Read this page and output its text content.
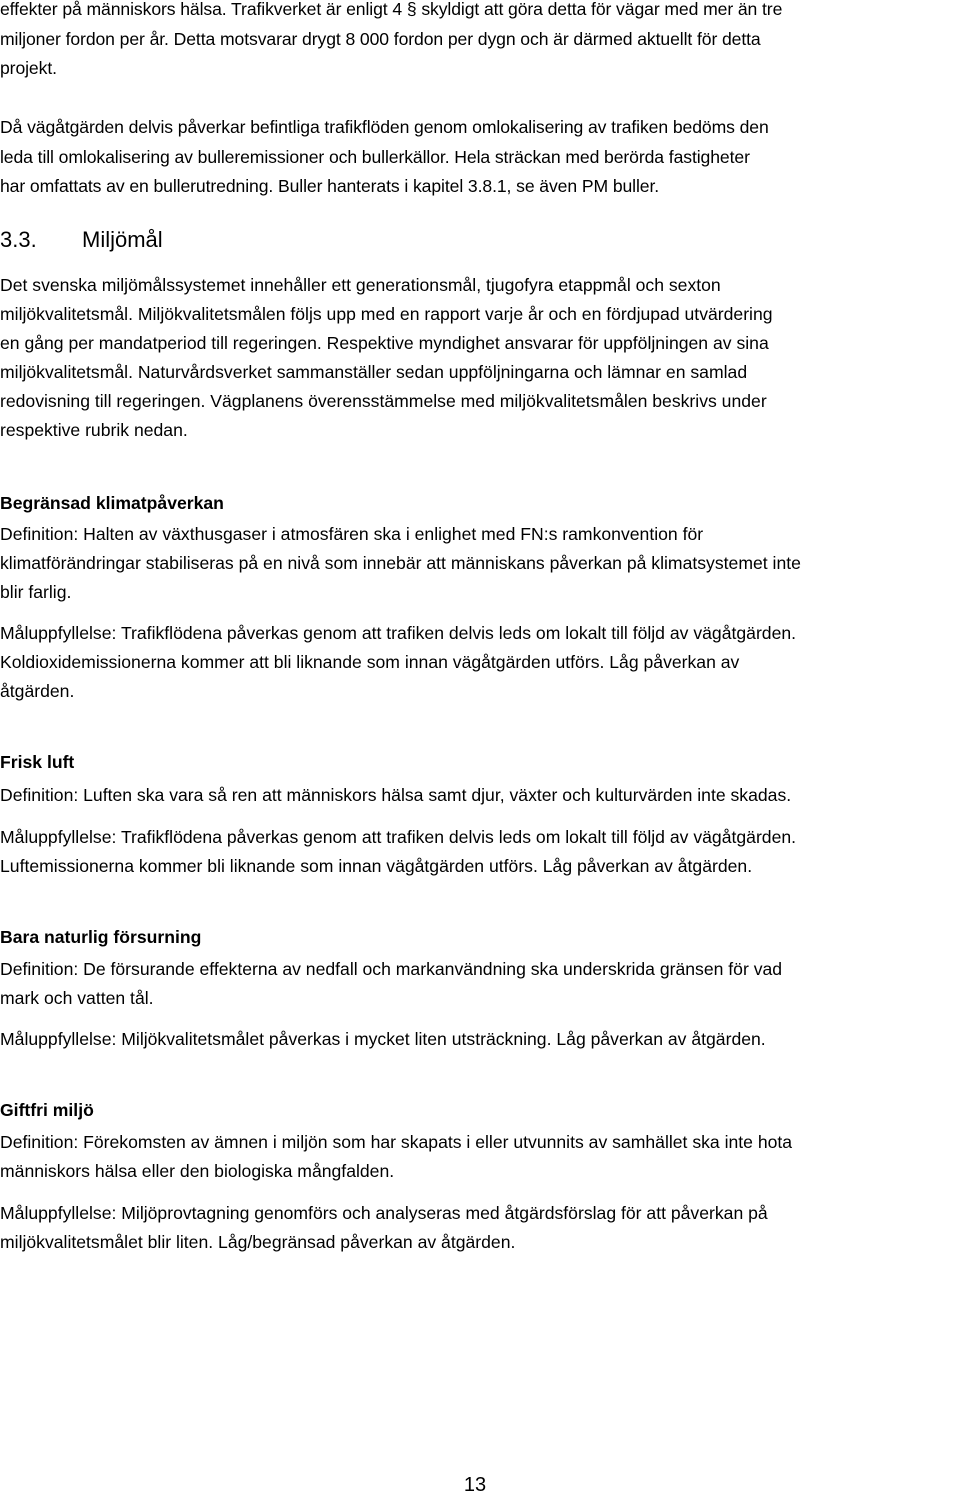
effekter på människors hälsa. Trafikverket är enligt 4 § skyldigt att göra detta för vägar med mer än tre
miljoner fordon per år. Detta motsvarar drygt 8 000 fordon per dygn och är därmed aktuellt för detta
projekt.
Då vägåtgärden delvis påverkar befintliga trafikflöden genom omlokalisering av trafiken bedöms den
leda till omlokalisering av bulleremissioner och bullerkällor. Hela sträckan med berörda fastigheter
har omfattats av en bullerutredning. Buller hanterats i kapitel 3.8.1, se även PM buller.
3.3. Miljömål
Det svenska miljömålssystemet innehåller ett generationsmål, tjugofyra etappmål och sexton
miljökvalitetsmål. Miljökvalitetsmålen följs upp med en rapport varje år och en fördjupad utvärdering
en gång per mandatperiod till regeringen. Respektive myndighet ansvarar för uppföljningen av sina
miljökvalitetsmål. Naturvårdsverket sammanställer sedan uppföljningarna och lämnar en samlad
redovisning till regeringen. Vägplanens överensstämmelse med miljökvalitetsmålen beskrivs under
respektive rubrik nedan.
Begränsad klimatpåverkan
Definition: Halten av växthusgaser i atmosfären ska i enlighet med FN:s ramkonvention för
klimatförändringar stabiliseras på en nivå som innebär att människans påverkan på klimatsystemet inte
blir farlig.
Måluppfyllelse: Trafikflödena påverkas genom att trafiken delvis leds om lokalt till följd av vägåtgärden.
Koldioxidemissionerna kommer att bli liknande som innan vägåtgärden utförs. Låg påverkan av
åtgärden.
Frisk luft
Definition: Luften ska vara så ren att människors hälsa samt djur, växter och kulturvärden inte skadas.
Måluppfyllelse: Trafikflödena påverkas genom att trafiken delvis leds om lokalt till följd av vägåtgärden.
Luftemissionerna kommer bli liknande som innan vägåtgärden utförs. Låg påverkan av åtgärden.
Bara naturlig försurning
Definition: De försurande effekterna av nedfall och markanvändning ska underskrida gränsen för vad
mark och vatten tål.
Måluppfyllelse: Miljökvalitetsmålet påverkas i mycket liten utsträckning. Låg påverkan av åtgärden.
Giftfri miljö
Definition: Förekomsten av ämnen i miljön som har skapats i eller utvunnits av samhället ska inte hota
människors hälsa eller den biologiska mångfalden.
Måluppfyllelse: Miljöprovtagning genomförs och analyseras med åtgärdsförslag för att påverkan på
miljökvalitetsmålet blir liten. Låg/begränsad påverkan av åtgärden.
13
